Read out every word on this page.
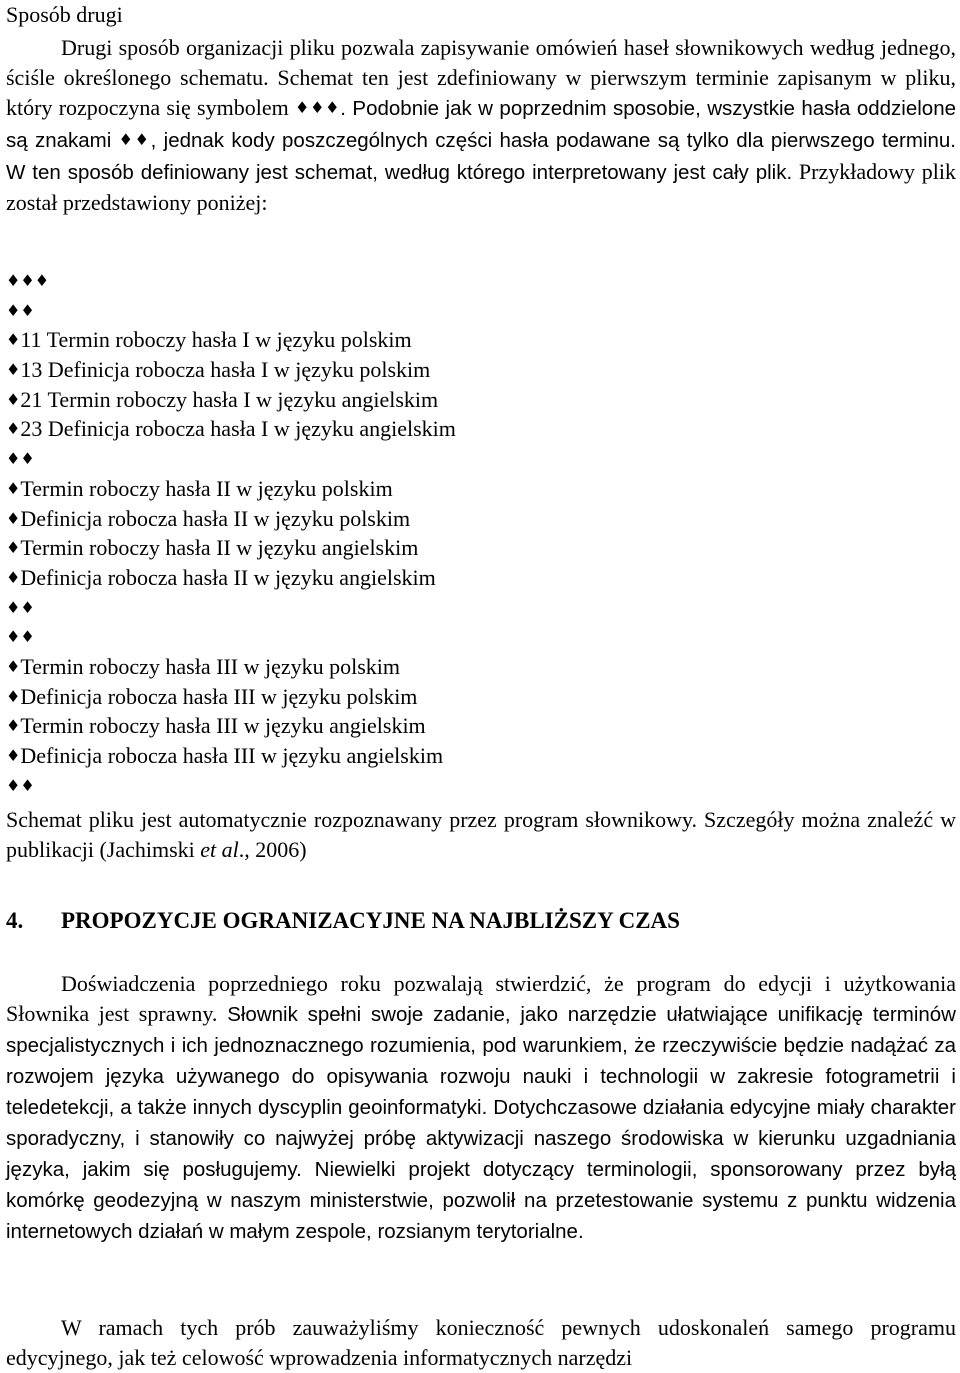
Sposób drugi
Drugi sposób organizacji pliku pozwala zapisywanie omówień haseł słownikowych według jednego, ściśle określonego schematu. Schemat ten jest zdefiniowany w pierwszym terminie zapisanym w pliku, który rozpoczyna się symbolem ♦♦♦. Podobnie jak w poprzednim sposobie, wszystkie hasła oddzielone są znakami ♦♦, jednak kody poszczególnych części hasła podawane są tylko dla pierwszego terminu. W ten sposób definiowany jest schemat, według którego interpretowany jest cały plik. Przykładowy plik został przedstawiony poniżej:
♦♦♦
♦♦
♦11 Termin roboczy hasła I w języku polskim
♦13 Definicja robocza hasła I w języku polskim
♦21 Termin roboczy hasła I w języku angielskim
♦23 Definicja robocza hasła I w języku angielskim
♦♦
♦Termin roboczy hasła II w języku polskim
♦Definicja robocza hasła II w języku polskim
♦Termin roboczy hasła II w języku angielskim
♦Definicja robocza hasła II w języku angielskim
♦♦
♦♦
♦Termin roboczy hasła III w języku polskim
♦Definicja robocza hasła III w języku polskim
♦Termin roboczy hasła III w języku angielskim
♦Definicja robocza hasła III w języku angielskim
♦♦
Schemat pliku jest automatycznie rozpoznawany przez program słownikowy. Szczegóły można znaleźć w publikacji (Jachimski et al., 2006)
4. PROPOZYCJE OGRANIZACYJNE NA NAJBLIŻSZY CZAS
Doświadczenia poprzedniego roku pozwalają stwierdzić, że program do edycji i użytkowania Słownika jest sprawny. Słownik spełni swoje zadanie, jako narzędzie ułatwiające unifikację terminów specjalistycznych i ich jednoznacznego rozumienia, pod warunkiem, że rzeczywiście będzie nadążać za rozwojem języka używanego do opisywania rozwoju nauki i technologii w zakresie fotogrametrii i teledetekcji, a także innych dyscyplin geoinformatyki. Dotychczasowe działania edycyjne miały charakter sporadyczny, i stanowiły co najwyżej próbę aktywizacji naszego środowiska w kierunku uzgadniania języka, jakim się posługujemy. Niewielki projekt dotyczący terminologii, sponsorowany przez byłą komórkę geodezyjną w naszym ministerstwie, pozwolił na przetestowanie systemu z punktu widzenia internetowych działań w małym zespole, rozsianym terytorialne.
W ramach tych prób zauważyliśmy konieczność pewnych udoskonaleń samego programu edycyjnego, jak też celowość wprowadzenia informatycznych narzędzi
